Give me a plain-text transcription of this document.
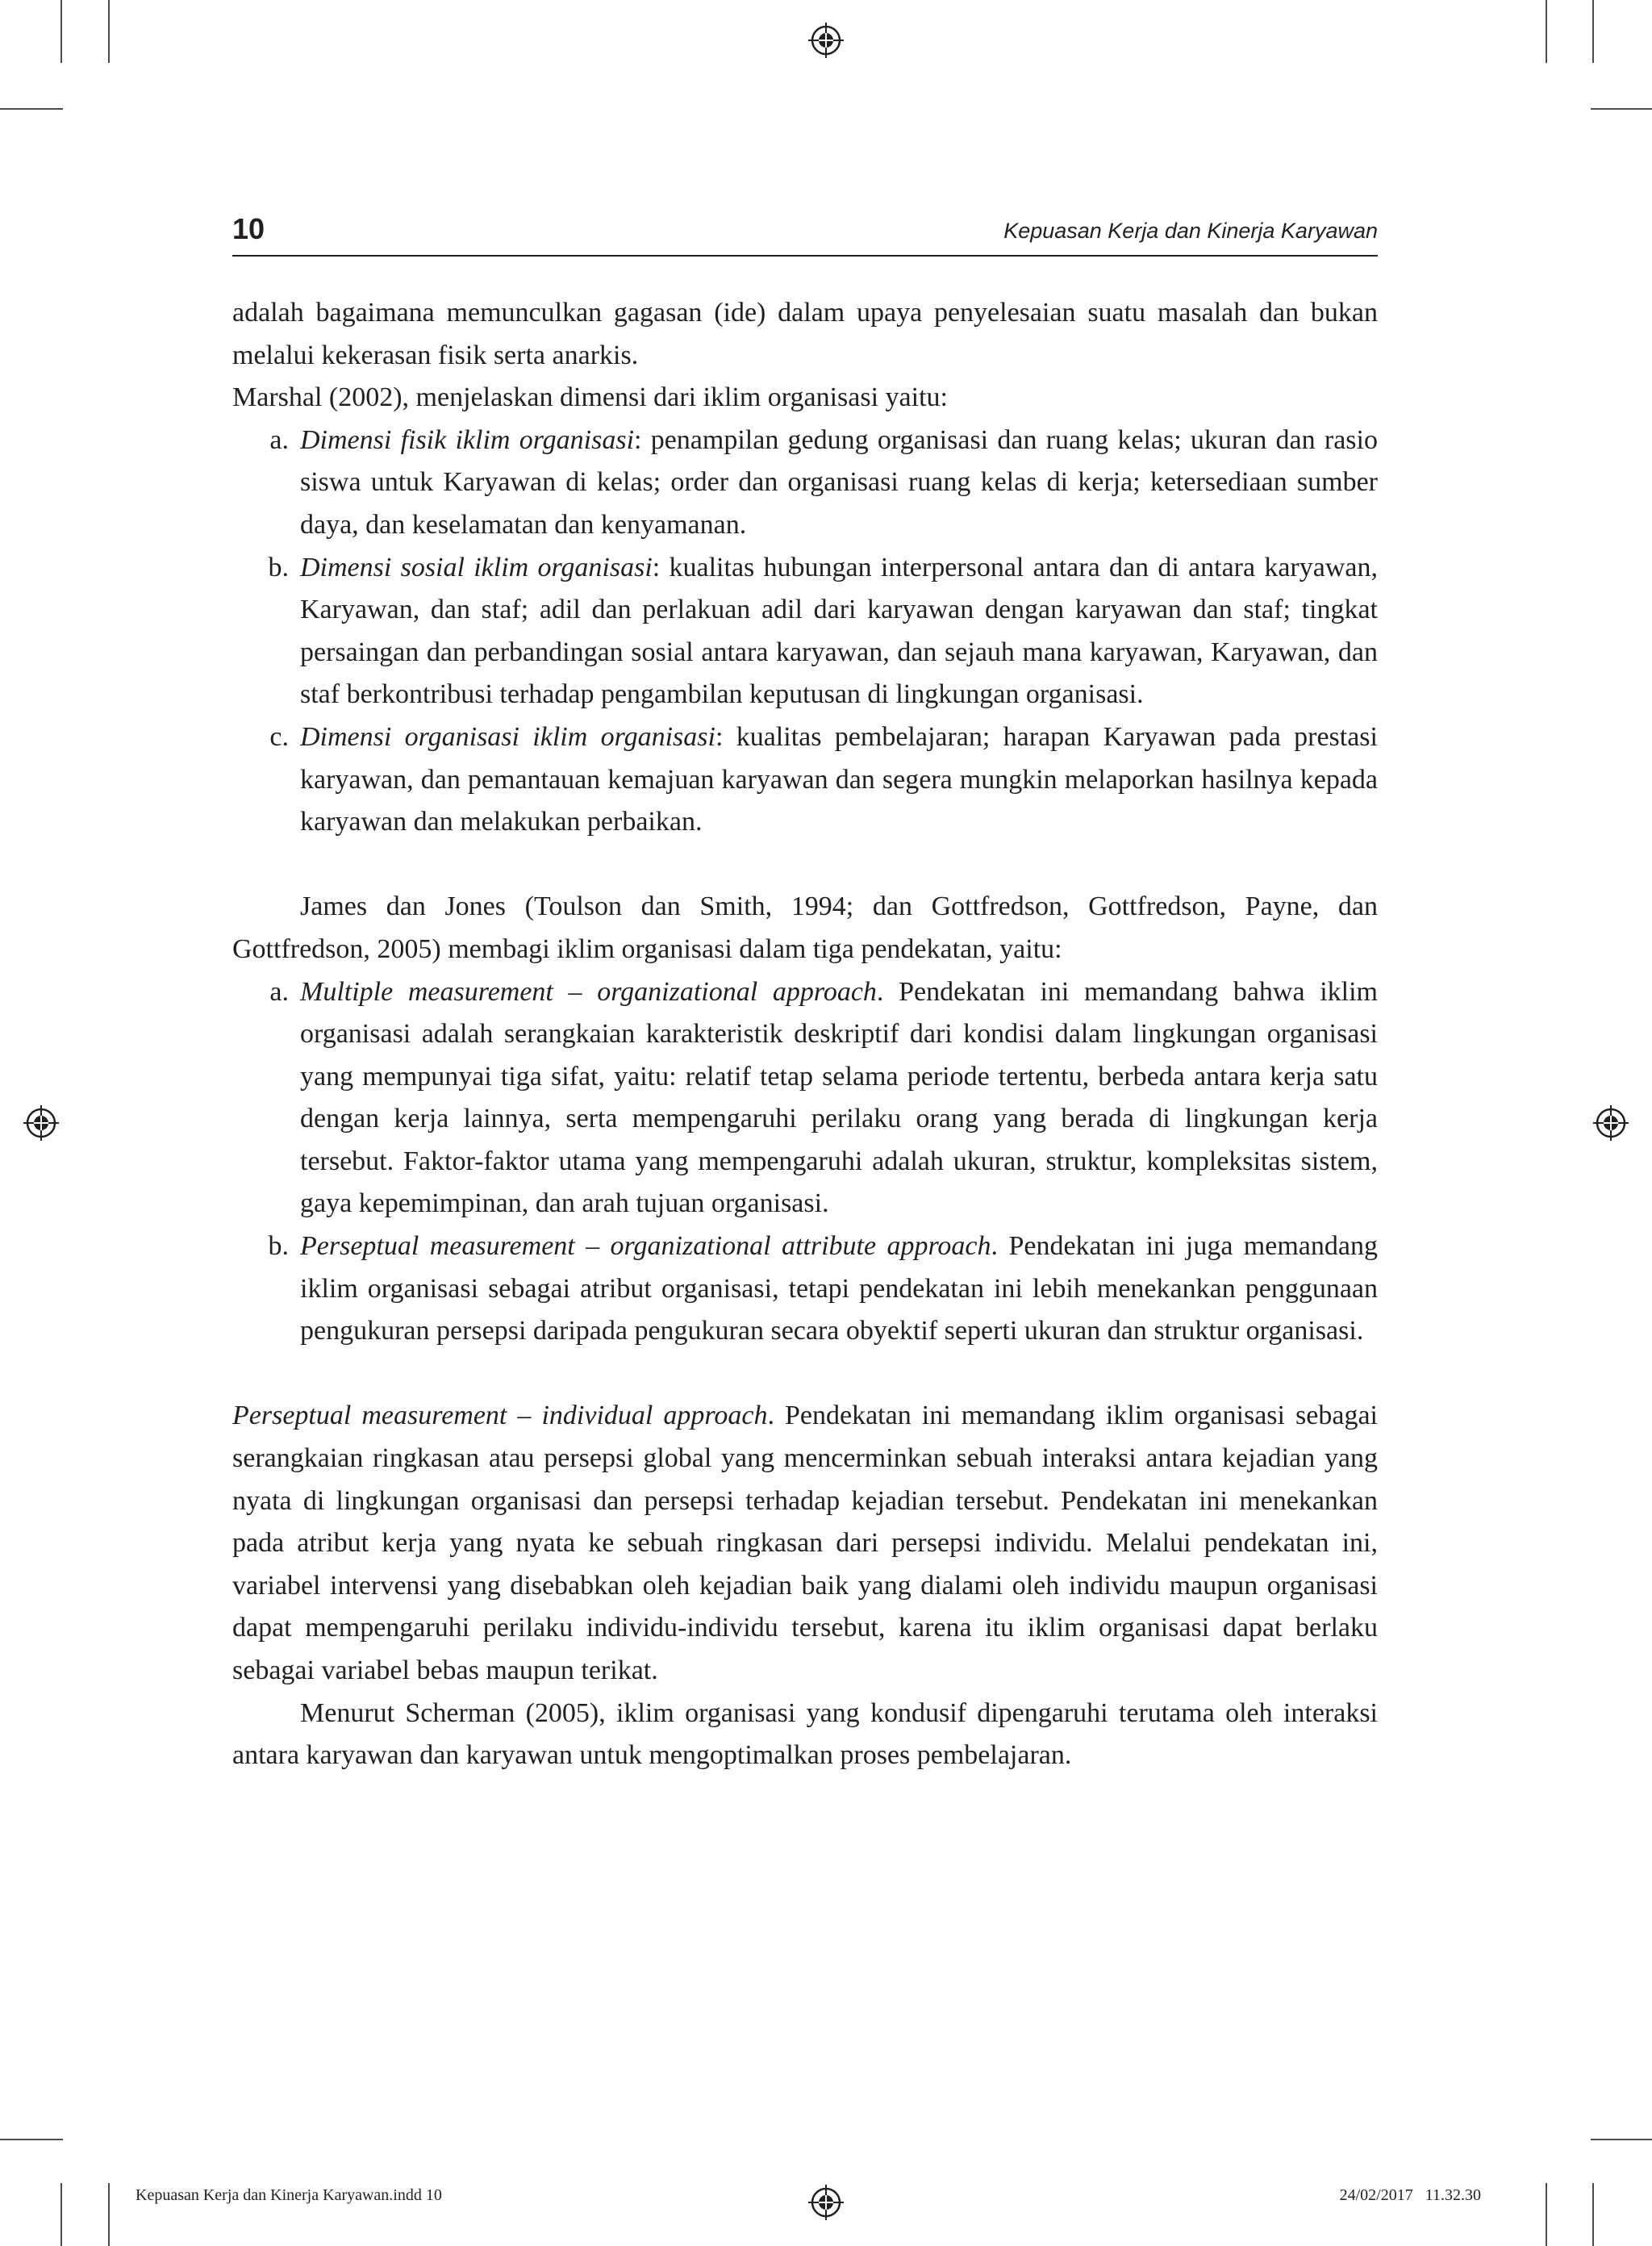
10	Kepuasan Kerja dan Kinerja Karyawan

adalah bagaimana memunculkan gagasan (ide) dalam upaya penyelesaian suatu masalah dan bukan melalui kekerasan fisik serta anarkis.

Marshal (2002), menjelaskan dimensi dari iklim organisasi yaitu:

a. Dimensi fisik iklim organisasi: penampilan gedung organisasi dan ruang kelas; ukuran dan rasio siswa untuk Karyawan di kelas; order dan organisasi ruang kelas di kerja; ketersediaan sumber daya, dan keselamatan dan kenyamanan.
b. Dimensi sosial iklim organisasi: kualitas hubungan interpersonal antara dan di antara karyawan, Karyawan, dan staf; adil dan perlakuan adil dari karyawan dengan karyawan dan staf; tingkat persaingan dan perbandingan sosial antara karyawan, dan sejauh mana karyawan, Karyawan, dan staf berkontribusi terhadap pengambilan keputusan di lingkungan organisasi.
c. Dimensi organisasi iklim organisasi: kualitas pembelajaran; harapan Karyawan pada prestasi karyawan, dan pemantauan kemajuan karyawan dan segera mungkin melaporkan hasilnya kepada karyawan dan melakukan perbaikan.

James dan Jones (Toulson dan Smith, 1994; dan Gottfredson, Gottfredson, Payne, dan Gottfredson, 2005) membagi iklim organisasi dalam tiga pendekatan, yaitu:

a. Multiple measurement – organizational approach. Pendekatan ini memandang bahwa iklim organisasi adalah serangkaian karakteristik deskriptif dari kondisi dalam lingkungan organisasi yang mempunyai tiga sifat, yaitu: relatif tetap selama periode tertentu, berbeda antara kerja satu dengan kerja lainnya, serta mempengaruhi perilaku orang yang berada di lingkungan kerja tersebut. Faktor-faktor utama yang mempengaruhi adalah ukuran, struktur, kompleksitas sistem, gaya kepemimpinan, dan arah tujuan organisasi.
b. Perseptual measurement – organizational attribute approach. Pendekatan ini juga memandang iklim organisasi sebagai atribut organisasi, tetapi pendekatan ini lebih menekankan penggunaan pengukuran persepsi daripada pengukuran secara obyektif seperti ukuran dan struktur organisasi.

Perseptual measurement – individual approach. Pendekatan ini memandang iklim organisasi sebagai serangkaian ringkasan atau persepsi global yang mencerminkan sebuah interaksi antara kejadian yang nyata di lingkungan organisasi dan persepsi terhadap kejadian tersebut. Pendekatan ini menekankan pada atribut kerja yang nyata ke sebuah ringkasan dari persepsi individu. Melalui pendekatan ini, variabel intervensi yang disebabkan oleh kejadian baik yang dialami oleh individu maupun organisasi dapat mempengaruhi perilaku individu-individu tersebut, karena itu iklim organisasi dapat berlaku sebagai variabel bebas maupun terikat.

Menurut Scherman (2005), iklim organisasi yang kondusif dipengaruhi terutama oleh interaksi antara karyawan dan karyawan untuk mengoptimalkan proses pembelajaran.

Kepuasan Kerja dan Kinerja Karyawan.indd 10	24/02/2017 11.32.30
